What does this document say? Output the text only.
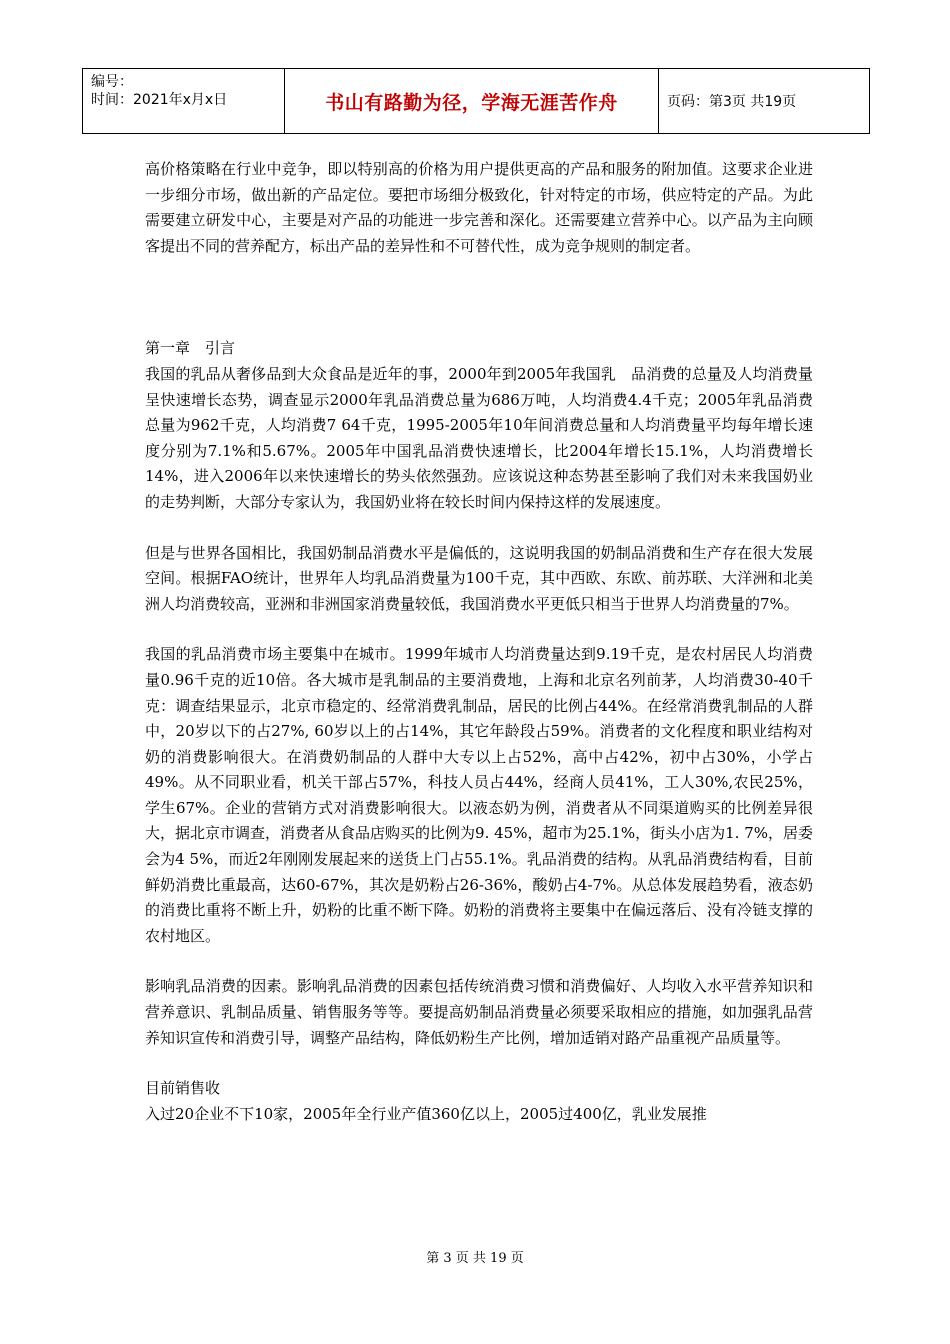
编号：
时间：2021年x月x日	书山有路勤为径，学海无涯苦作舟	页码：第3页 共19页

高价格策略在行业中竞争，即以特别高的价格为用户提供更高的产品和服务的附加值。这要求企业进一步细分市场，做出新的产品定位。要把市场细分极致化，针对特定的市场，供应特定的产品。为此需要建立研发中心，主要是对产品的功能进一步完善和深化。还需要建立营养中心。以产品为主向顾客提出不同的营养配方，标出产品的差异性和不可替代性，成为竞争规则的制定者。

第一章　引言

我国的乳品从奢侈品到大众食品是近年的事，2000年到2005年我国乳　品消费的总量及人均消费量呈快速增长态势，调查显示2000年乳品消费总量为686万吨，人均消费4.4千克；2005年乳品消费总量为962千克，人均消费7 64千克，1995-2005年10年间消费总量和人均消费量平均每年增长速度分别为7.1%和5.67%。2005年中国乳品消费快速增长，比2004年增长15.1%，人均消费增长14%，进入2006年以来快速增长的势头依然强劲。应该说这种态势甚至影响了我们对未来我国奶业的走势判断，大部分专家认为，我国奶业将在较长时间内保持这样的发展速度。

但是与世界各国相比，我国奶制品消费水平是偏低的，这说明我国的奶制品消费和生产存在很大发展空间。根据FAO统计，世界年人均乳品消费量为100千克，其中西欧、东欧、前苏联、大洋洲和北美洲人均消费较高，亚洲和非洲国家消费量较低，我国消费水平更低只相当于世界人均消费量的7%。

我国的乳品消费市场主要集中在城市。1999年城市人均消费量达到9.19千克，是农村居民人均消费量0.96千克的近10倍。各大城市是乳制品的主要消费地，上海和北京名列前茅，人均消费30-40千克：调查结果显示，北京市稳定的、经常消费乳制品，居民的比例占44%。在经常消费乳制品的人群中，20岁以下的占27%, 60岁以上的占14%，其它年龄段占59%。消费者的文化程度和职业结构对奶的消费影响很大。在消费奶制品的人群中大专以上占52%，高中占42%，初中占30%，小学占49%。从不同职业看，机关干部占57%，科技人员占44%，经商人员41%，工人30%,农民25%，学生67%。企业的营销方式对消费影响很大。以液态奶为例，消费者从不同渠道购买的比例差异很大，据北京市调查，消费者从食品店购买的比例为9. 45%，超市为25.1%，街头小店为1. 7%，居委会为4 5%，而近2年刚刚发展起来的送货上门占55.1%。乳品消费的结构。从乳品消费结构看，目前鲜奶消费比重最高，达60-67%，其次是奶粉占26-36%，酸奶占4-7%。从总体发展趋势看，液态奶的消费比重将不断上升，奶粉的比重不断下降。奶粉的消费将主要集中在偏远落后、没有冷链支撑的农村地区。

影响乳品消费的因素。影响乳品消费的因素包括传统消费习惯和消费偏好、人均收入水平营养知识和营养意识、乳制品质量、销售服务等等。要提高奶制品消费量必须要采取相应的措施，如加强乳品营养知识宣传和消费引导，调整产品结构，降低奶粉生产比例，增加适销对路产品重视产品质量等。

目前销售收

入过20企业不下10家，2005年全行业产值360亿以上，2005过400亿，乳业发展推

第 3 页 共 19 页
